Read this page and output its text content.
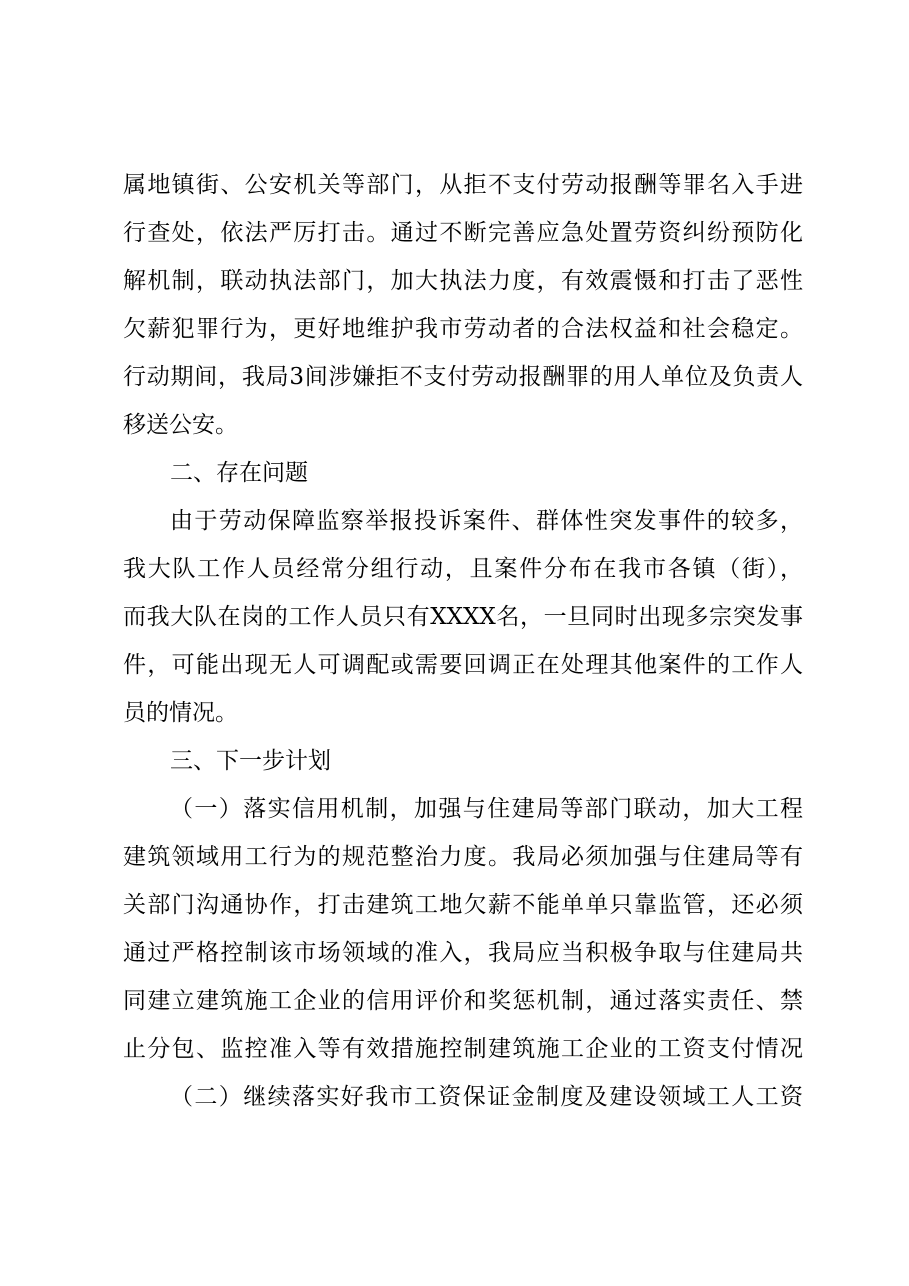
属地镇街、公安机关等部门，从拒不支付劳动报酬等罪名入手进
行查处，依法严厉打击。通过不断完善应急处置劳资纠纷预防化
解机制，联动执法部门，加大执法力度，有效震慑和打击了恶性
欠薪犯罪行为，更好地维护我市劳动者的合法权益和社会稳定。
行动期间，我局3间涉嫌拒不支付劳动报酬罪的用人单位及负责人
移送公安。
二、存在问题
由于劳动保障监察举报投诉案件、群体性突发事件的较多，
我大队工作人员经常分组行动，且案件分布在我市各镇（街），
而我大队在岗的工作人员只有XXXX名，一旦同时出现多宗突发事
件，可能出现无人可调配或需要回调正在处理其他案件的工作人
员的情况。
三、下一步计划
（一）落实信用机制，加强与住建局等部门联动，加大工程
建筑领域用工行为的规范整治力度。我局必须加强与住建局等有
关部门沟通协作，打击建筑工地欠薪不能单单只靠监管，还必须
通过严格控制该市场领域的准入，我局应当积极争取与住建局共
同建立建筑施工企业的信用评价和奖惩机制，通过落实责任、禁
止分包、监控准入等有效措施控制建筑施工企业的工资支付情况
（二）继续落实好我市工资保证金制度及建设领域工人工资
